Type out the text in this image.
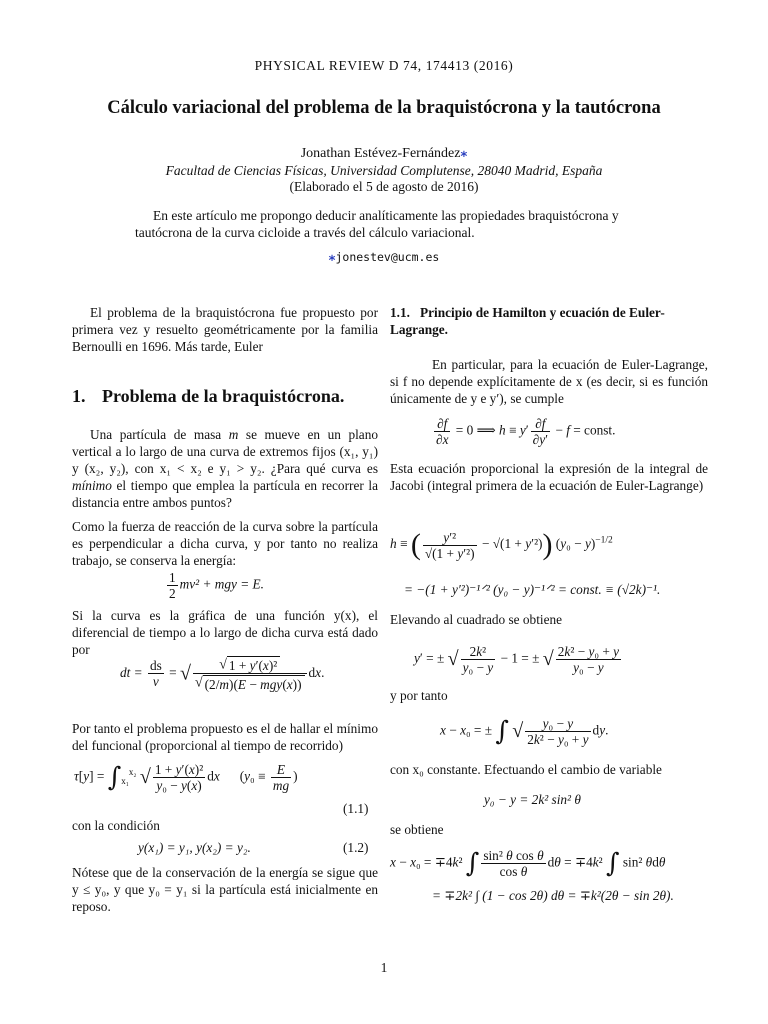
PHYSICAL REVIEW D 74, 174413 (2016)
Cálculo variacional del problema de la braquistócrona y la tautócrona
Jonathan Estévez-Fernández⁎
Facultad de Ciencias Físicas, Universidad Complutense, 28040 Madrid, España
(Elaborado el 5 de agosto de 2016)
En este artículo me propongo deducir analíticamente las propiedades braquistócrona y tautócrona de la curva cicloide a través del cálculo variacional.
⁎jonestev@ucm.es

El problema de la braquistócrona fue propuesto por primera vez y resuelto geométricamente por la familia Bernoulli en 1696. Más tarde, Euler

1. Problema de la braquistócrona.

Una partícula de masa m se mueve en un plano vertical a lo largo de una curva de extremos fijos (x₁, y₁) y (x₂, y₂), con x₁ < x₂ e y₁ > y₂. ¿Para qué curva es mínimo el tiempo que emplea la partícula en recorrer la distancia entre ambos puntos?

Como la fuerza de reacción de la curva sobre la partícula es perpendicular a dicha curva, y por tanto no realiza trabajo, se conserva la energía:

$\frac{1}{2} mv^2$ + mgy = E.

Si la curva es la gráfica de una función y(x), el diferencial de tiempo a lo largo de dicha curva está dado por

dt = $\frac{ds}{v}$ = √ $\frac{\text{√ 1 + y′(x)²}}{\text{√ (2/m)(E − mgy(x))}}$ dx.

Por tanto el problema propuesto es el de hallar el mínimo del funcional (proporcional al tiempo de recorrido)

$\tau[y] = \int_{x_1}^{x_2}$ √ $\frac{\text{1 + y′(x)²}}{\text{y₀ − y(x)}}$ dx      ($y_0 \equiv \frac{E}{mg}$ )
(1.1)
con la condición
y(x₁) = y₁, y(x₂) = y₂.	(1.2)

Nótese que de la conservación de la energía se sigue que y ≤ y₀, y que y₀ = y₁ si la partícula está inicialmente en reposo.

1.1. Principio de Hamilton y ecuación de Euler-Lagrange.

En particular, para la ecuación de Euler-Lagrange, si f no depende explícitamente de x (es decir, si es función únicamente de y e y′), se cumple

$\frac{\partial f}{\partial x} = 0$ ⟹ $h \equiv y' \frac{\partial f}{\partial y'} - f$ = const.

Esta ecuación proporcional la expresión de la integral de Jacobi (integral primera de la ecuación de Euler-Lagrange)

h ≡ ( $\frac{\text{y′²}}{\text{√(1 + y′²)}} - √(1 + y'^2)$) $(y_0 - y)^{-1/2}$
= −(1 + y′²)⁻¹ᐟ² (y₀ − y)⁻¹ᐟ² = const. ≡ (√2k)⁻¹.
Elevando al cuadrado se obtiene
y′ = ± √ $\frac{\text{2k²}}{\text{y₀ − y}} - 1$ = ± √ $\frac{\text{2k² − y₀ + y}}{\text{y₀ − y}}$
y por tanto
x − x₀ = ± ∫ √ $\frac{\text{y₀ − y}}{\text{2k² − y₀ + y}}$ dy.
con x₀ constante. Efectuando el cambio de variable
y₀ − y = 2k² sin² θ
se obtiene
x − x₀ = ∓4k² ∫ $\frac{\text{sin² θ cos θ}}{\text{cos θ}}$ dθ = ∓4k² ∫ sin² θdθ
= ∓2k² ∫ (1 − cos 2θ) dθ = ∓k²(2θ − sin 2θ).
1
